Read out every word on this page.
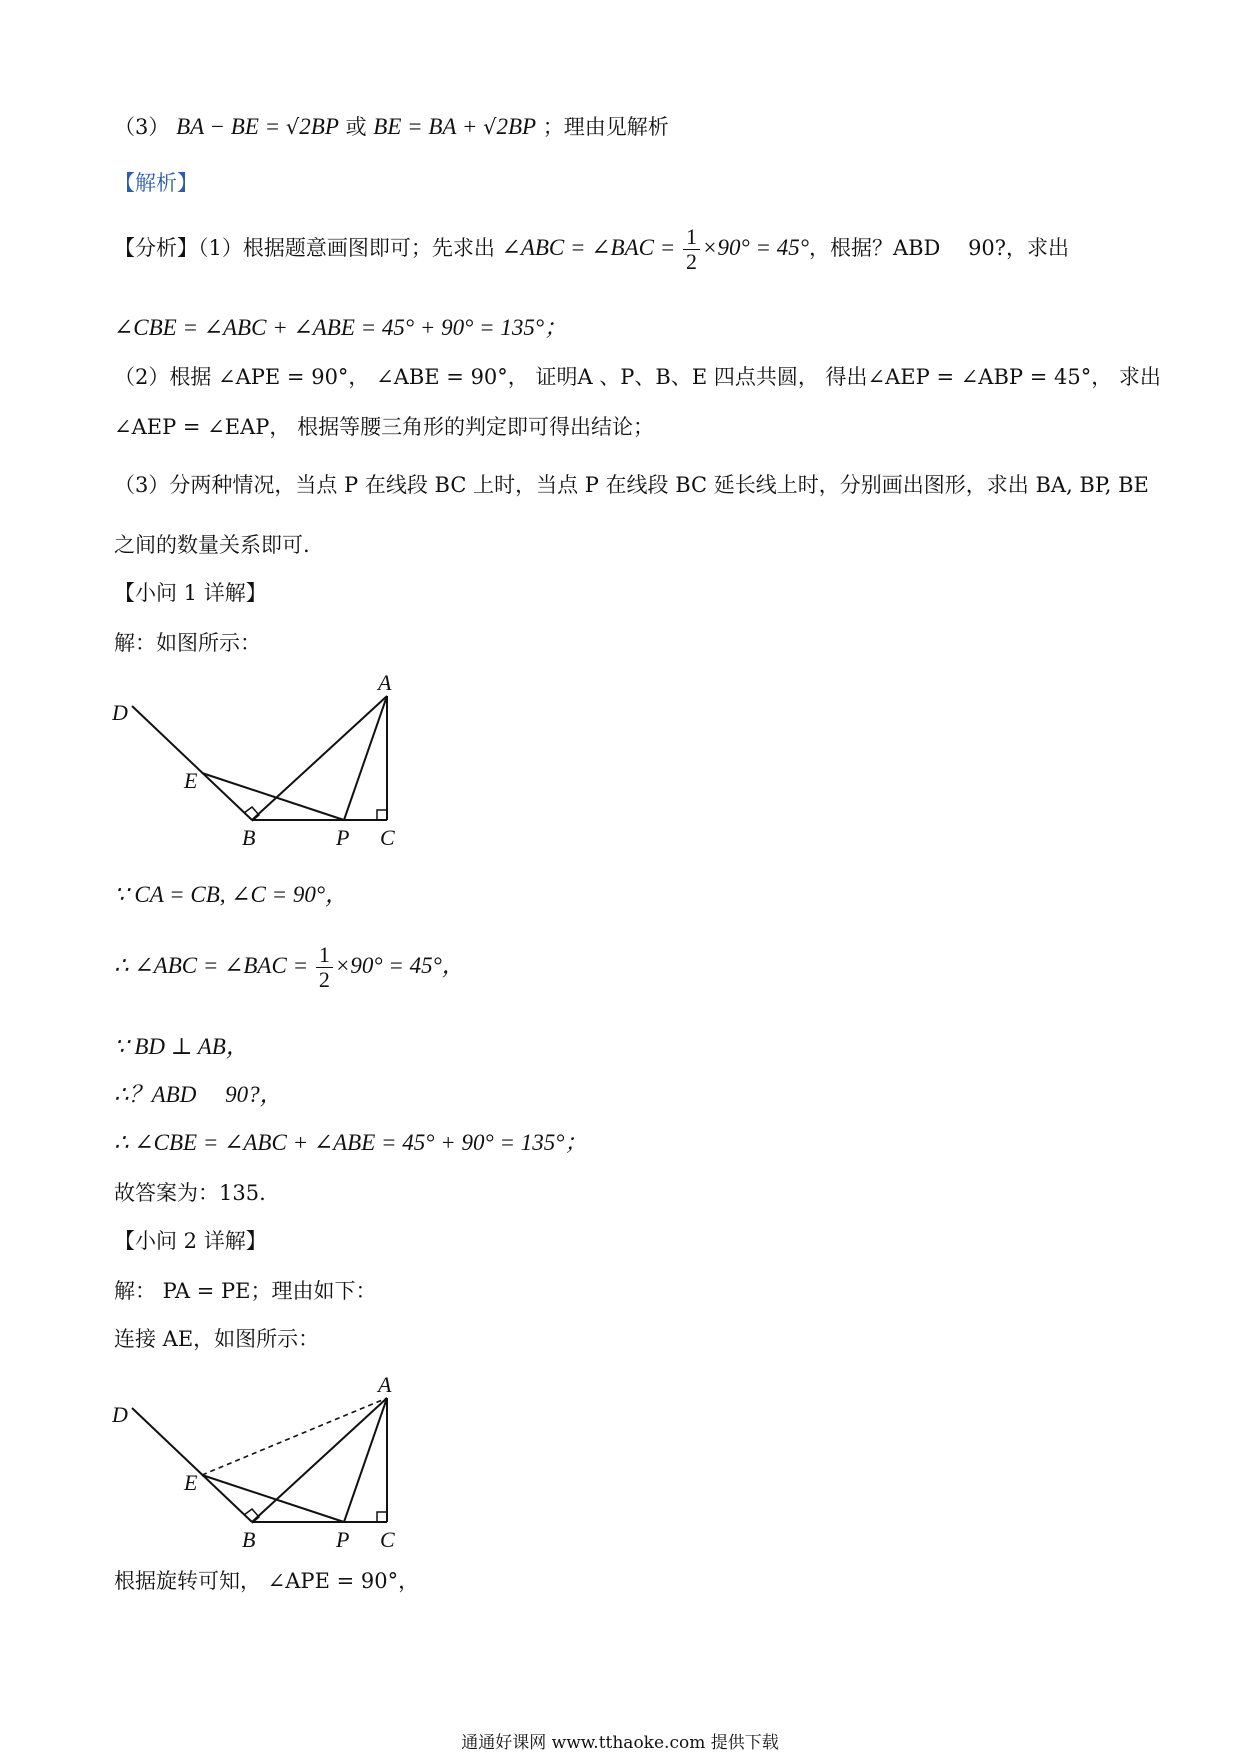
（3） BA − BE = √2BP 或 BE = BA + √2BP ；理由见解析
【解析】
【分析】（1）根据题意画图即可；先求出 ∠ABC = ∠BAC = $\frac{1}{2} \times 90^\circ = 45^\circ$，根据？ABD　 90?，求出
∠CBE = ∠ABC + ∠ABE = 45° + 90° = 135°；
（2）根据 ∠APE = 90°， ∠ABE = 90°， 证明A 、P、B、E 四点共圆， 得出∠AEP = ∠ABP = 45°， 求出
∠AEP = ∠EAP， 根据等腰三角形的判定即可得出结论；
（3）分两种情况，当点 P 在线段 BC 上时，当点 P 在线段 BC 延长线上时，分别画出图形，求出 BA, BP, BE
之间的数量关系即可.
【小问 1 详解】
解：如图所示：
D
A
E
B	P C
∵ CA = CB, ∠C = 90°，
∴ ∠ABC = ∠BAC = $\frac{1}{2} \times 90^\circ = 45^\circ$，
∵ BD ⊥ AB，
∴？ABD　 90?，
∴ ∠CBE = ∠ABC + ∠ABE = 45° + 90° = 135°；
故答案为：135.
【小问 2 详解】
解： PA = PE；理由如下：
连接 AE，如图所示：
D
A
E
B	P C
根据旋转可知， ∠APE = 90°，
通通好课网 www.tthaoke.com 提供下载
